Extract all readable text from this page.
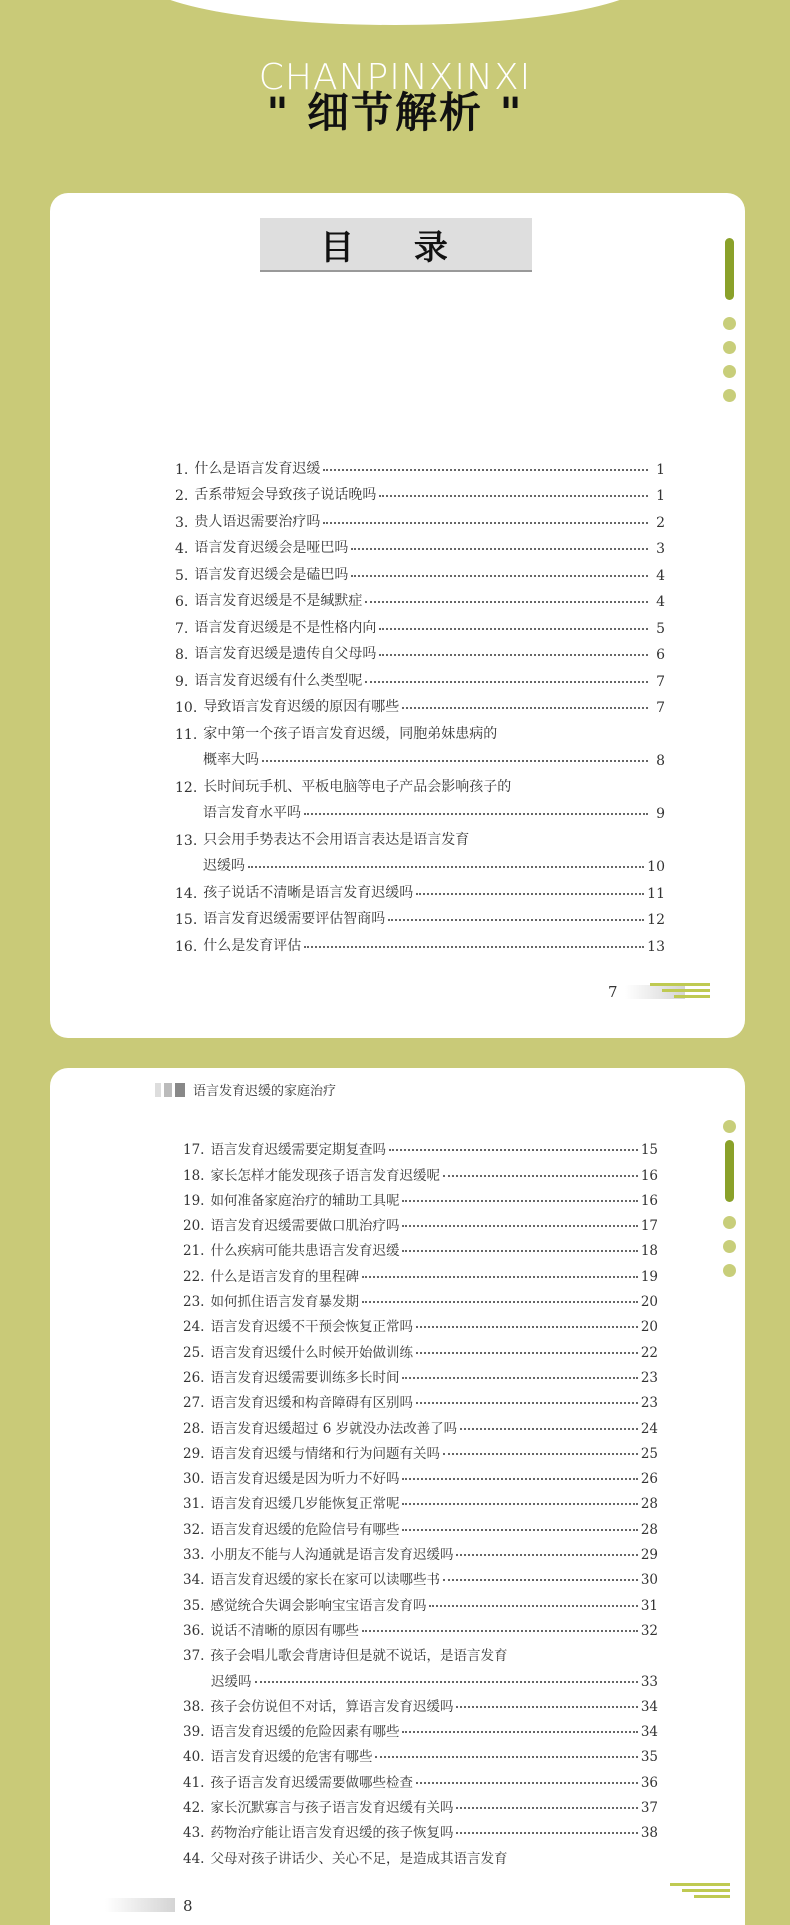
CHANPINXINXI
" 细节解析 "
目 录
1. 什么是语言发育迟缓	1
2. 舌系带短会导致孩子说话晚吗	1
3. 贵人语迟需要治疗吗	2
4. 语言发育迟缓会是哑巴吗	3
5. 语言发育迟缓会是磕巴吗	4
6. 语言发育迟缓是不是缄默症	4
7. 语言发育迟缓是不是性格内向	5
8. 语言发育迟缓是遗传自父母吗	6
9. 语言发育迟缓有什么类型呢	7
10. 导致语言发育迟缓的原因有哪些	7
11. 家中第一个孩子语言发育迟缓，同胞弟妹患病的
概率大吗	8
12. 长时间玩手机、平板电脑等电子产品会影响孩子的
语言发育水平吗	9
13. 只会用手势表达不会用语言表达是语言发育
迟缓吗	10
14. 孩子说话不清晰是语言发育迟缓吗	11
15. 语言发育迟缓需要评估智商吗	12
16. 什么是发育评估	13
7
语言发育迟缓的家庭治疗
17. 语言发育迟缓需要定期复查吗	15
18. 家长怎样才能发现孩子语言发育迟缓呢	16
19. 如何准备家庭治疗的辅助工具呢	16
20. 语言发育迟缓需要做口肌治疗吗	17
21. 什么疾病可能共患语言发育迟缓	18
22. 什么是语言发育的里程碑	19
23. 如何抓住语言发育暴发期	20
24. 语言发育迟缓不干预会恢复正常吗	20
25. 语言发育迟缓什么时候开始做训练	22
26. 语言发育迟缓需要训练多长时间	23
27. 语言发育迟缓和构音障碍有区别吗	23
28. 语言发育迟缓超过 6 岁就没办法改善了吗	24
29. 语言发育迟缓与情绪和行为问题有关吗	25
30. 语言发育迟缓是因为听力不好吗	26
31. 语言发育迟缓几岁能恢复正常呢	28
32. 语言发育迟缓的危险信号有哪些	28
33. 小朋友不能与人沟通就是语言发育迟缓吗	29
34. 语言发育迟缓的家长在家可以读哪些书	30
35. 感觉统合失调会影响宝宝语言发育吗	31
36. 说话不清晰的原因有哪些	32
37. 孩子会唱儿歌会背唐诗但是就不说话，是语言发育
迟缓吗	33
38. 孩子会仿说但不对话，算语言发育迟缓吗	34
39. 语言发育迟缓的危险因素有哪些	34
40. 语言发育迟缓的危害有哪些	35
41. 孩子语言发育迟缓需要做哪些检查	36
42. 家长沉默寡言与孩子语言发育迟缓有关吗	37
43. 药物治疗能让语言发育迟缓的孩子恢复吗	38
44. 父母对孩子讲话少、关心不足，是造成其语言发育
8
